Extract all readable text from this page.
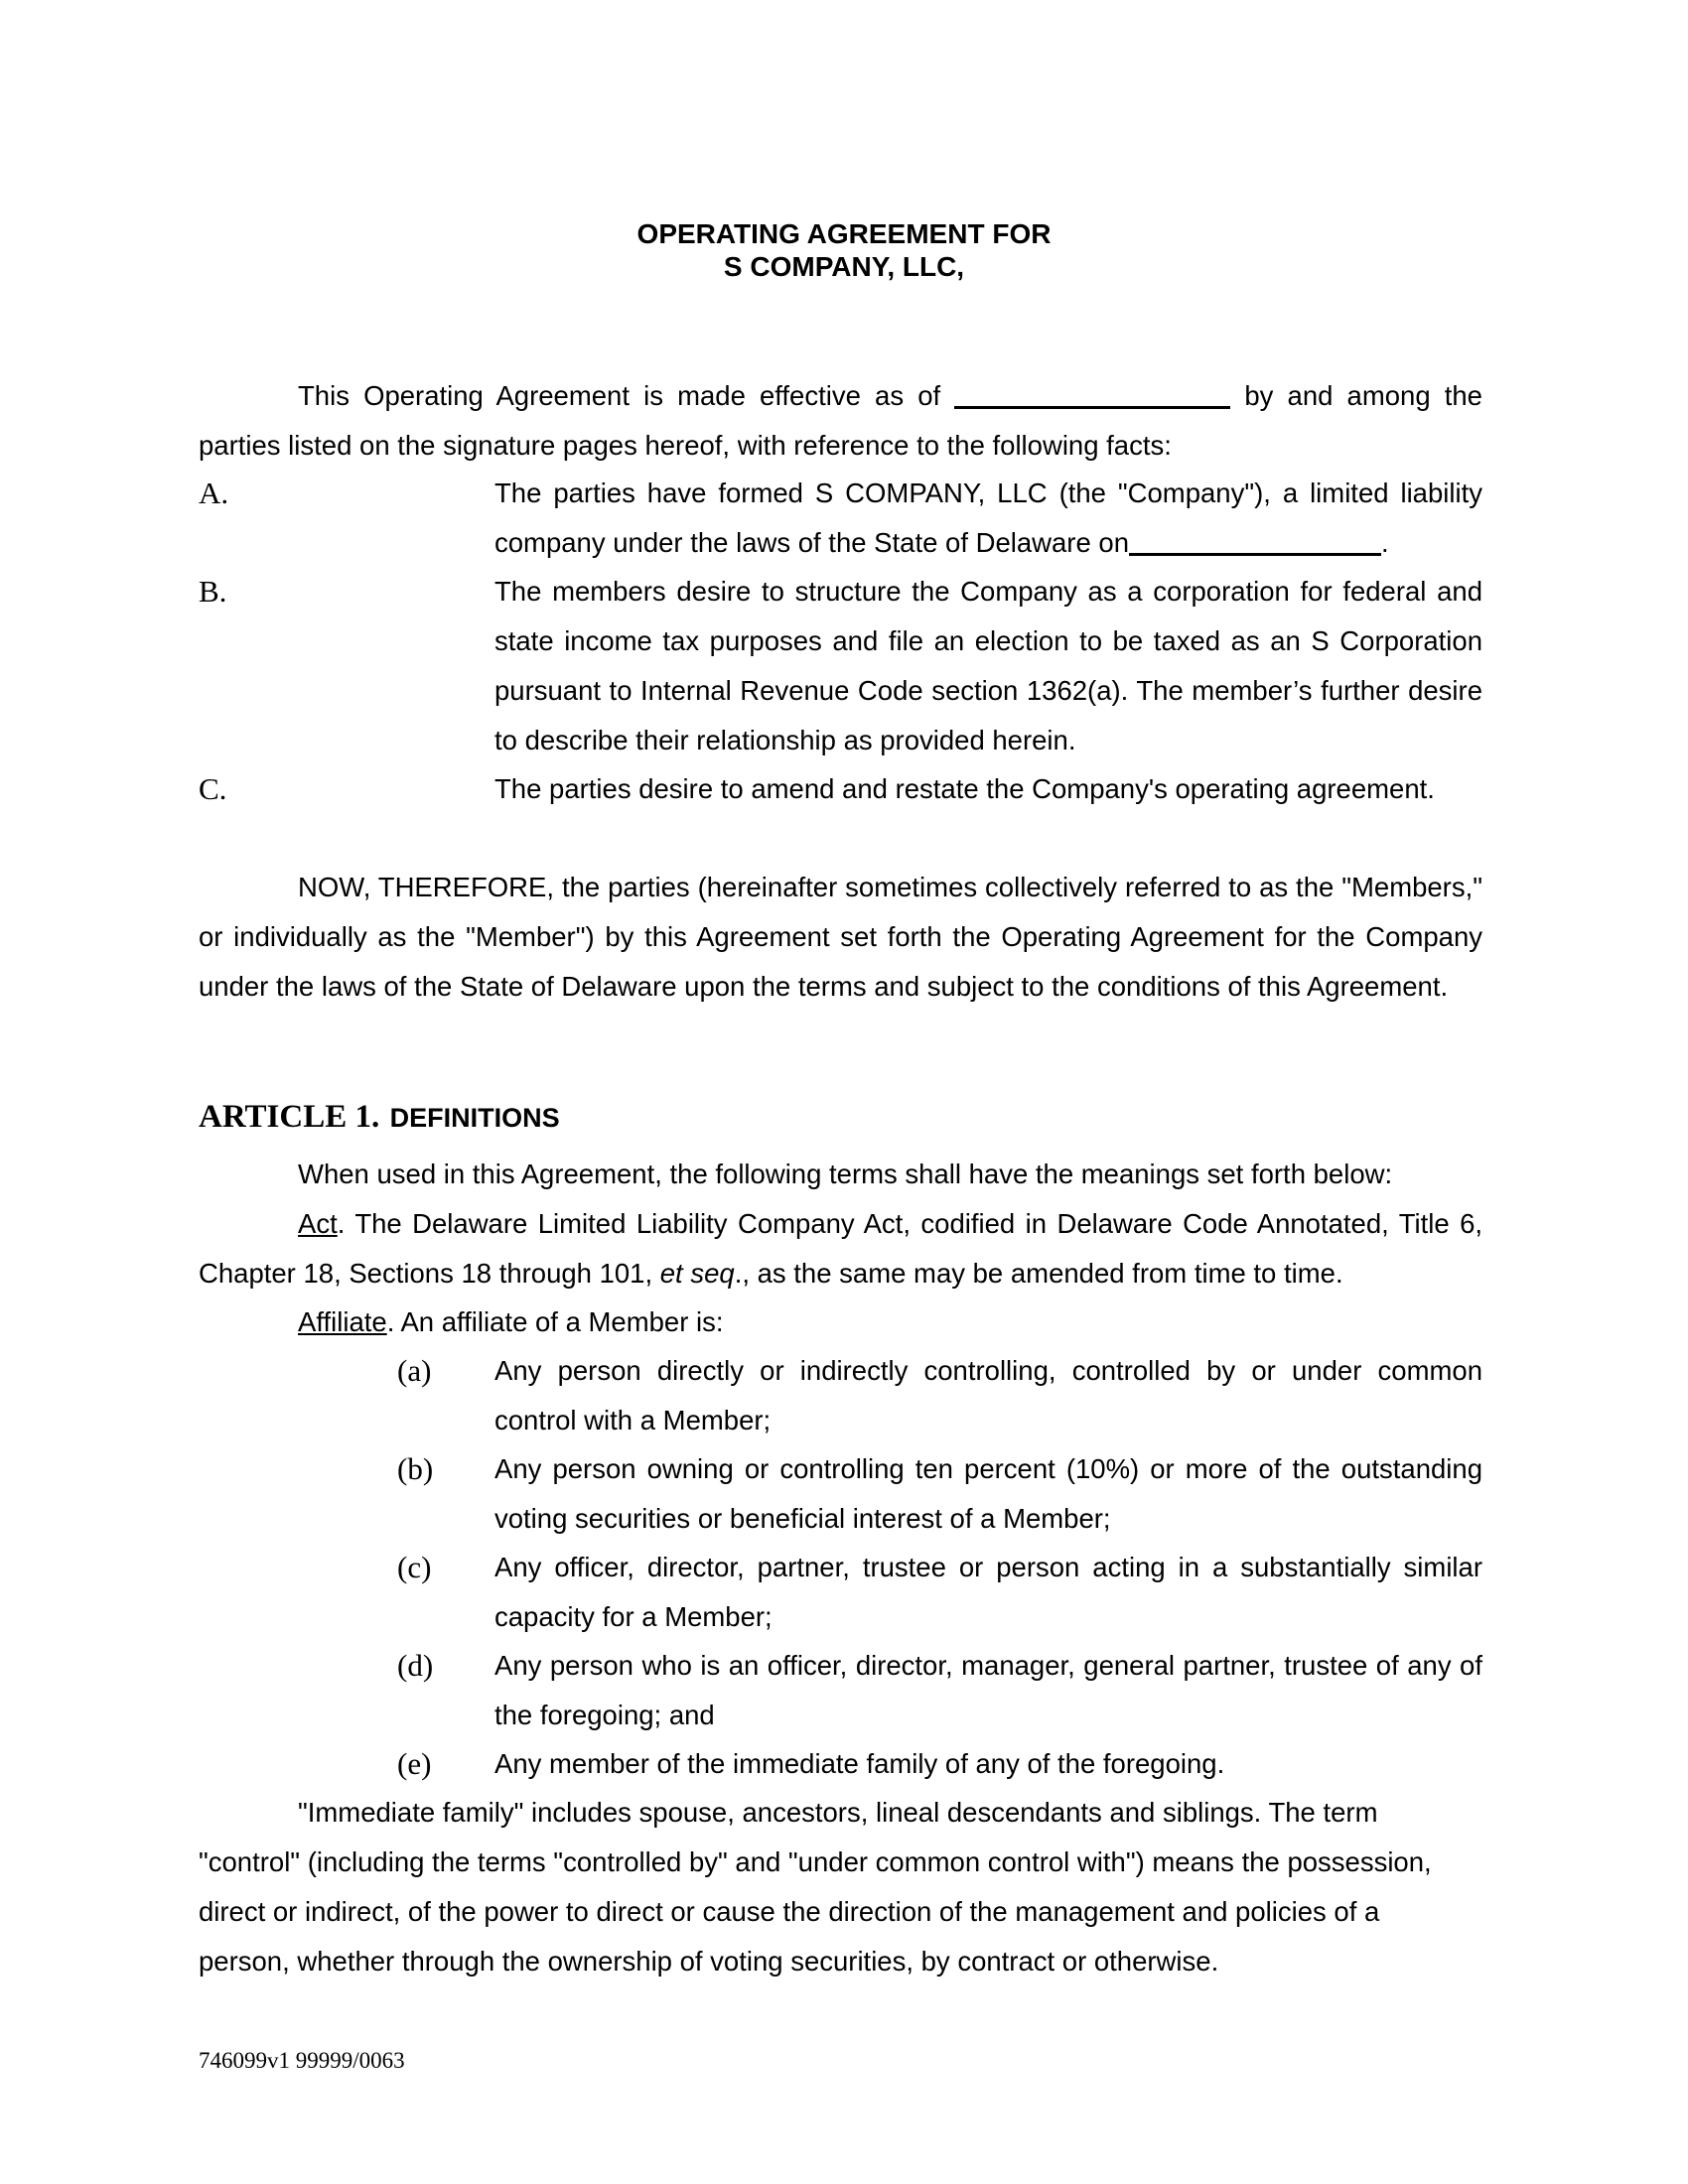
OPERATING AGREEMENT FOR
S COMPANY, LLC,
This Operating Agreement is made effective as of	by and among the parties listed on the signature pages hereof, with reference to the following facts:
A.	The parties have formed S COMPANY, LLC (the "Company"), a limited liability company under the laws of the State of Delaware on	.
B.	The members desire to structure the Company as a corporation for federal and state income tax purposes and file an election to be taxed as an S Corporation pursuant to Internal Revenue Code section 1362(a). The member’s further desire to describe their relationship as provided herein.
C.	The parties desire to amend and restate the Company's operating agreement.
NOW, THEREFORE, the parties (hereinafter sometimes collectively referred to as the "Members," or individually as the "Member") by this Agreement set forth the Operating Agreement for the Company under the laws of the State of Delaware upon the terms and subject to the conditions of this Agreement.
ARTICLE 1. DEFINITIONS
When used in this Agreement, the following terms shall have the meanings set forth below:
Act. The Delaware Limited Liability Company Act, codified in Delaware Code Annotated, Title 6, Chapter 18, Sections 18 through 101, et seq., as the same may be amended from time to time.
Affiliate. An affiliate of a Member is:
(a)	Any person directly or indirectly controlling, controlled by or under common control with a Member;
(b)	Any person owning or controlling ten percent (10%) or more of the outstanding voting securities or beneficial interest of a Member;
(c)	Any officer, director, partner, trustee or person acting in a substantially similar capacity for a Member;
(d)	Any person who is an officer, director, manager, general partner, trustee of any of the foregoing; and
(e)	Any member of the immediate family of any of the foregoing.
"Immediate family" includes spouse, ancestors, lineal descendants and siblings. The term
"control" (including the terms "controlled by" and "under common control with") means the possession,
direct or indirect, of the power to direct or cause the direction of the management and policies of a
person, whether through the ownership of voting securities, by contract or otherwise.
746099v1 99999/0063
